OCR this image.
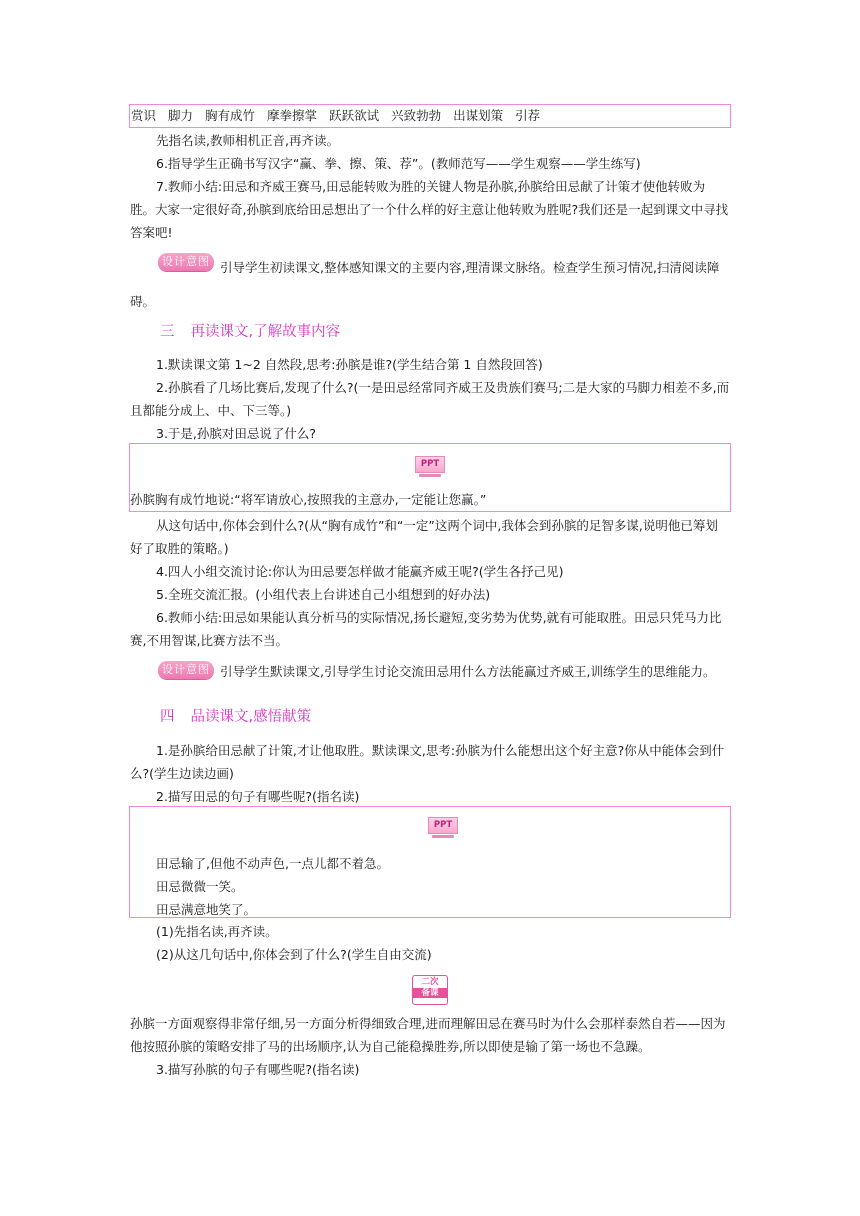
赏识 脚力 胸有成竹 摩拳擦掌 跃跃欲试 兴致勃勃 出谋划策 引荐

先指名读,教师相机正音,再齐读。

6.指导学生正确书写汉字“赢、拳、擦、策、荐”。(教师范写——学生观察——学生练写)

7.教师小结:田忌和齐威王赛马,田忌能转败为胜的关键人物是孙膑,孙膑给田忌献了计策才使他转败为胜。大家一定很好奇,孙膑到底给田忌想出了一个什么样的好主意让他转败为胜呢?我们还是一起到课文中寻找答案吧!

设计意图 引导学生初读课文,整体感知课文的主要内容,理清课文脉络。检查学生预习情况,扫清阅读障碍。

三 再读课文,了解故事内容

1.默读课文第 1~2 自然段,思考:孙膑是谁?(学生结合第 1 自然段回答)

2.孙膑看了几场比赛后,发现了什么?(一是田忌经常同齐威王及贵族们赛马;二是大家的马脚力相差不多,而且都能分成上、中、下三等。)

3.于是,孙膑对田忌说了什么?

PPT

孙膑胸有成竹地说:“将军请放心,按照我的主意办,一定能让您赢。”

从这句话中,你体会到什么?(从“胸有成竹”和“一定”这两个词中,我体会到孙膑的足智多谋,说明他已筹划好了取胜的策略。)

4.四人小组交流讨论:你认为田忌要怎样做才能赢齐威王呢?(学生各抒己见)

5.全班交流汇报。(小组代表上台讲述自己小组想到的好办法)

6.教师小结:田忌如果能认真分析马的实际情况,扬长避短,变劣势为优势,就有可能取胜。田忌只凭马力比赛,不用智谋,比赛方法不当。

设计意图 引导学生默读课文,引导学生讨论交流田忌用什么方法能赢过齐威王,训练学生的思维能力。

四 品读课文,感悟献策

1.是孙膑给田忌献了计策,才让他取胜。默读课文,思考:孙膑为什么能想出这个好主意?你从中能体会到什么?(学生边读边画)

2.描写田忌的句子有哪些呢?(指名读)

PPT

田忌输了,但他不动声色,一点儿都不着急。

田忌微微一笑。

田忌满意地笑了。

(1)先指名读,再齐读。

(2)从这几句话中,你体会到了什么?(学生自由交流)

二次
备课

孙膑一方面观察得非常仔细,另一方面分析得细致合理,进而理解田忌在赛马时为什么会那样泰然自若——因为他按照孙膑的策略安排了马的出场顺序,认为自己能稳操胜券,所以即使是输了第一场也不急躁。

3.描写孙膑的句子有哪些呢?(指名读)
